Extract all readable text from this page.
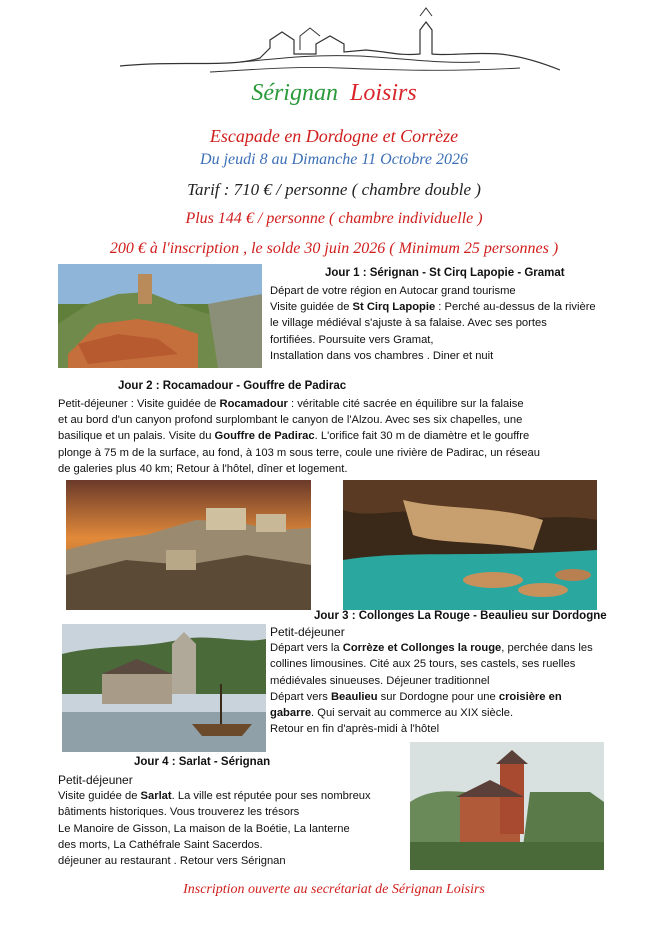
Sérignan Loisirs
Escapade en Dordogne et Corrèze
Du jeudi 8 au Dimanche 11 Octobre 2026
Tarif : 710 € / personne ( chambre double )
Plus 144 € / personne ( chambre individuelle )
200 € à l'inscription , le solde 30 juin 2026 ( Minimum 25 personnes )
Jour 1 : Sérignan - St Cirq Lapopie - Gramat
Départ de votre région en Autocar grand tourisme
Visite guidée de St Cirq Lapopie : Perché au-dessus de la rivière
le village médiéval s'ajuste à sa falaise. Avec ses portes
fortifiées. Poursuite vers Gramat,
Installation dans vos chambres . Diner et nuit
Jour 2 : Rocamadour - Gouffre de Padirac
Petit-déjeuner : Visite guidée de Rocamadour : véritable cité sacrée en équilibre sur la falaise
et au bord d'un canyon profond surplombant le canyon de l'Alzou. Avec ses six chapelles, une
basilique et un palais. Visite du Gouffre de Padirac. L'orifice fait 30 m de diamètre et le gouffre
plonge à 75 m de la surface, au fond, à 103 m sous terre, coule une rivière de Padirac, un réseau
de galeries plus 40 km; Retour à l'hôtel, dîner et logement.
Jour 3 : Collonges La Rouge - Beaulieu sur Dordogne
Petit-déjeuner
Départ vers la Corrèze et Collonges la rouge, perchée dans les
collines limousines. Cité aux 25 tours, ses castels, ses ruelles
médiévales sinueuses. Déjeuner traditionnel
Départ vers Beaulieu sur Dordogne pour une croisière en
gabarre. Qui servait au commerce au XIX siècle.
Retour en fin d'après-midi à l'hôtel
Jour 4 : Sarlat - Sérignan
Petit-déjeuner
Visite guidée de Sarlat. La ville est réputée pour ses nombreux
bâtiments historiques. Vous trouverez les trésors
Le Manoire de Gisson, La maison de la Boétie, La lanterne
des morts, La Cathéfrale Saint Sacerdos.
déjeuner au restaurant . Retour vers Sérignan
Inscription ouverte au secrétariat de Sérignan Loisirs
